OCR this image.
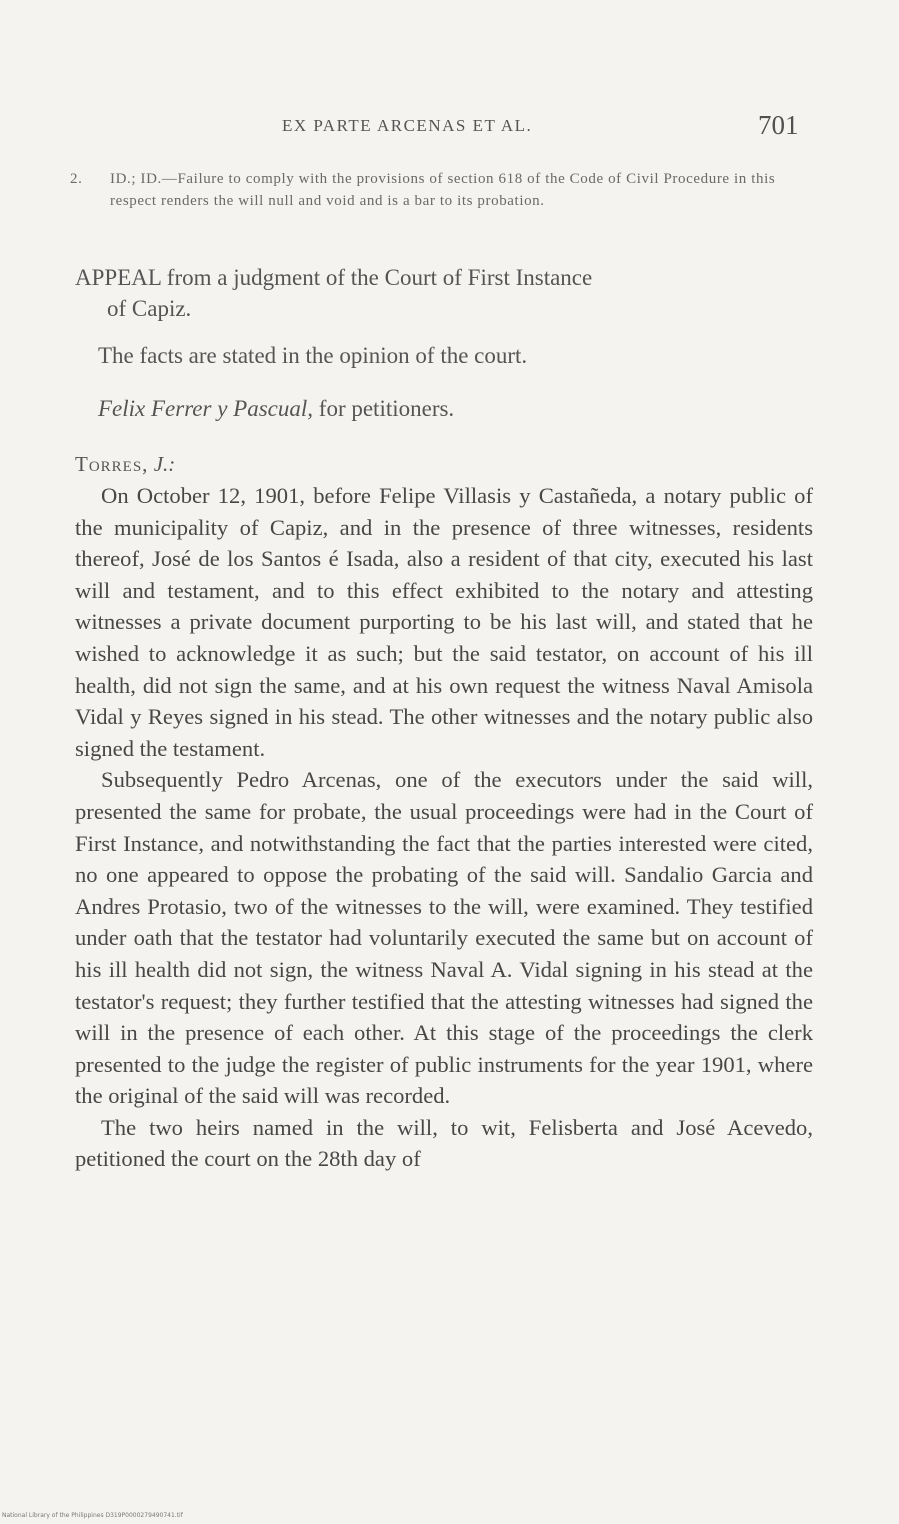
EX PARTE ARCENAS ET AL.	701
2. ID.; ID.—Failure to comply with the provisions of section 618 of the Code of Civil Procedure in this respect renders the will null and void and is a bar to its probation.
APPEAL from a judgment of the Court of First Instance
of Capiz.
The facts are stated in the opinion of the court.
Felix Ferrer y Pascual, for petitioners.
Torres, J.:

On October 12, 1901, before Felipe Villasis y Castañeda, a notary public of the municipality of Capiz, and in the presence of three witnesses, residents thereof, José de los Santos é Isada, also a resident of that city, executed his last will and testament, and to this effect exhibited to the notary and attesting witnesses a private document purporting to be his last will, and stated that he wished to acknowledge it as such; but the said testator, on account of his ill health, did not sign the same, and at his own request the witness Naval Amisola Vidal y Reyes signed in his stead. The other witnesses and the notary public also signed the testament.

Subsequently Pedro Arcenas, one of the executors under the said will, presented the same for probate, the usual proceedings were had in the Court of First Instance, and notwithstanding the fact that the parties interested were cited, no one appeared to oppose the probating of the said will. Sandalio Garcia and Andres Protasio, two of the witnesses to the will, were examined. They testified under oath that the testator had voluntarily executed the same but on account of his ill health did not sign, the witness Naval A. Vidal signing in his stead at the testator's request; they further testified that the attesting witnesses had signed the will in the presence of each other. At this stage of the proceedings the clerk presented to the judge the register of public instruments for the year 1901, where the original of the said will was recorded.

The two heirs named in the will, to wit, Felisberta and José Acevedo, petitioned the court on the 28th day of

National Library of the Philippines D319P0000279490741.tif
